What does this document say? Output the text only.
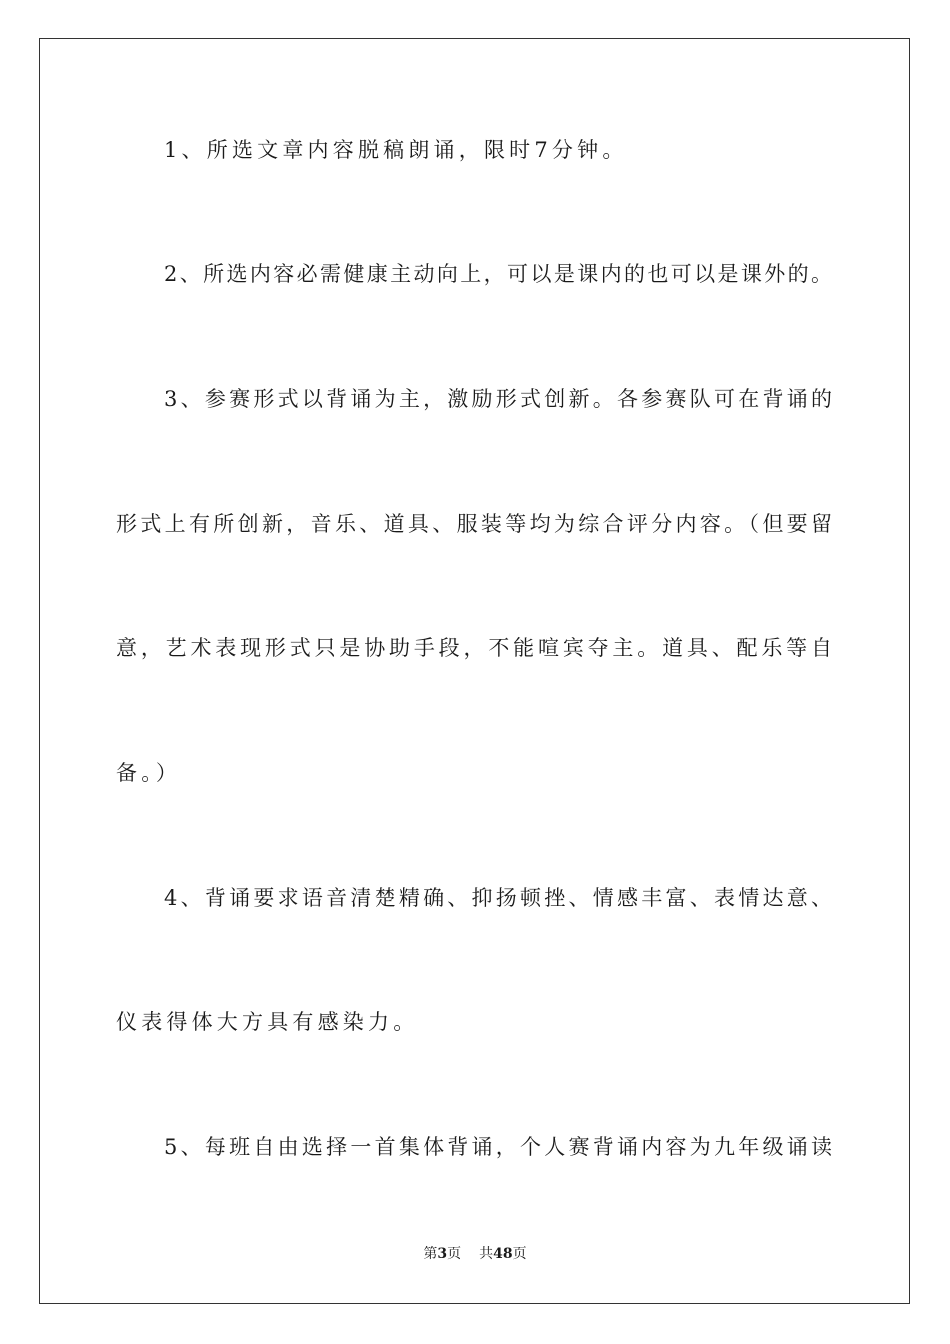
1、所选文章内容脱稿朗诵，限时7分钟。
2、所选内容必需健康主动向上，可以是课内的也可以是课外的。
3、参赛形式以背诵为主，激励形式创新。各参赛队可在背诵的
形式上有所创新，音乐、道具、服装等均为综合评分内容。（但要留
意，艺术表现形式只是协助手段，不能喧宾夺主。道具、配乐等自
备。）
4、背诵要求语音清楚精确、抑扬顿挫、情感丰富、表情达意、
仪表得体大方具有感染力。
5、每班自由选择一首集体背诵，个人赛背诵内容为九年级诵读
第3页 共48页
